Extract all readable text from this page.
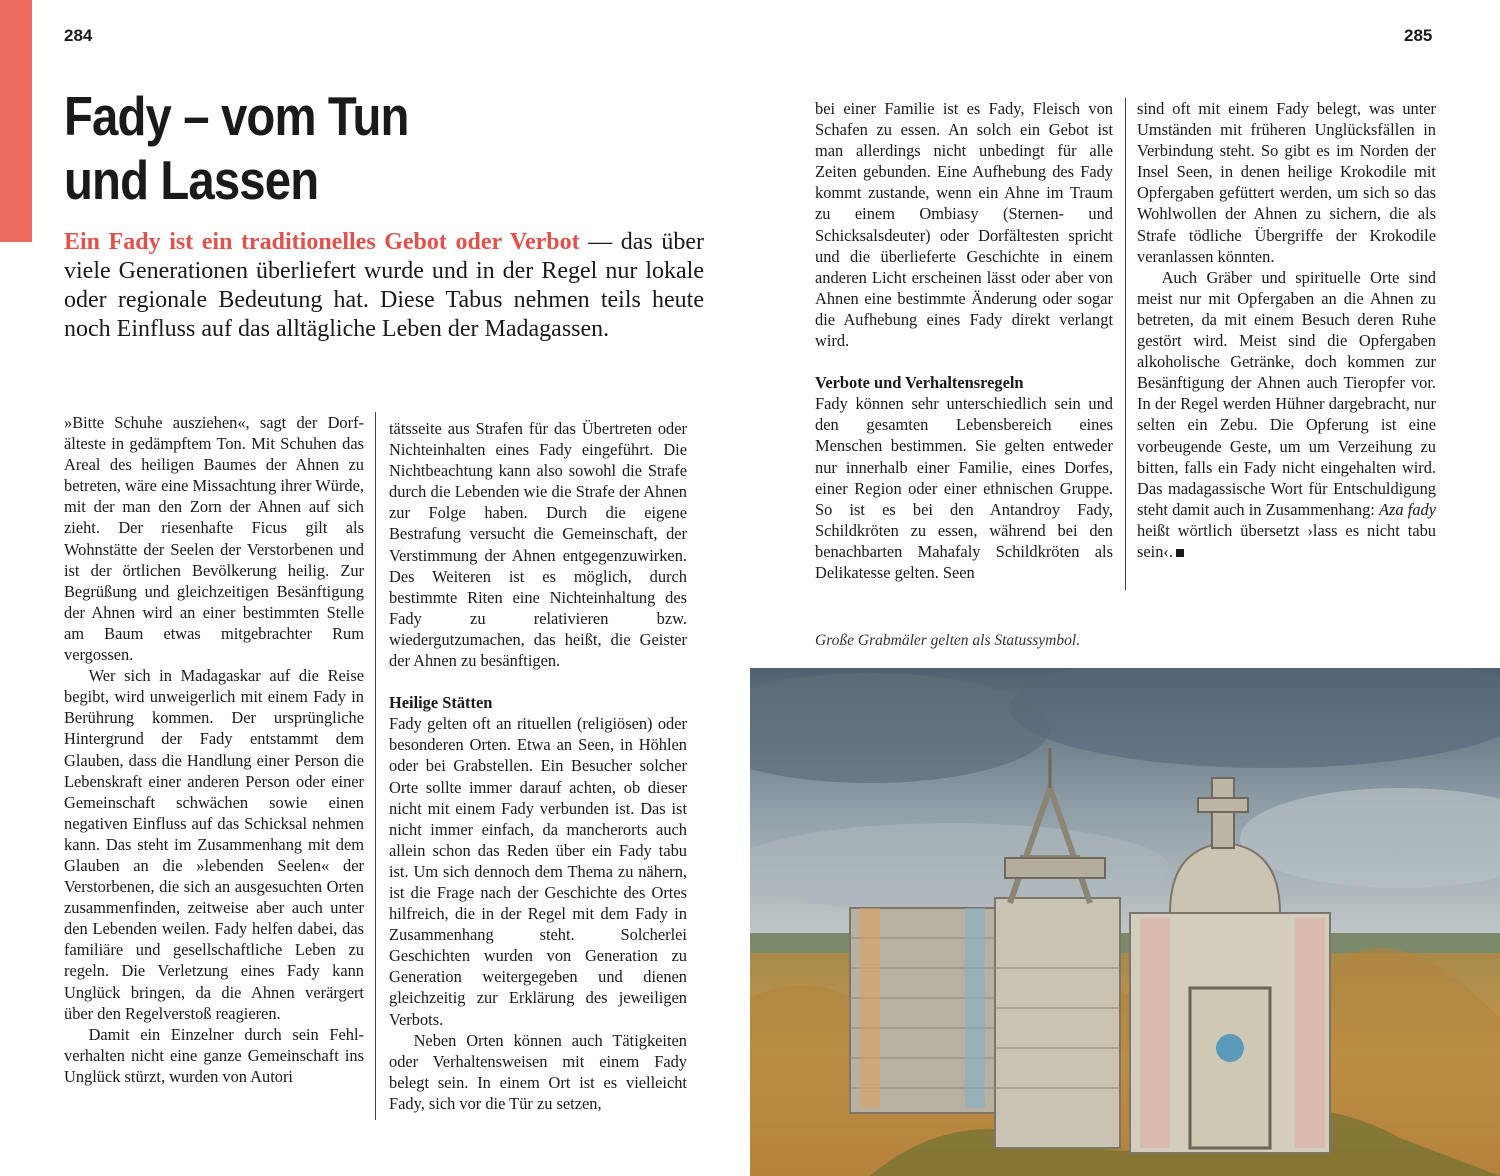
284	285
Fady – vom Tun
und Lassen

Ein Fady ist ein traditionelles Gebot oder Verbot — das über viele Generationen überliefert wurde und in der Regel nur lokale oder regionale Bedeutung hat. Diese Tabus nehmen teils heute noch Einfluss auf das alltägliche Leben der Madagassen.

»Bitte Schuhe ausziehen«, sagt der Dorfälteste in gedämpftem Ton. Mit Schuhen das Areal des heiligen Baumes der Ahnen zu betreten, wäre eine Missachtung ihrer Würde, mit der man den Zorn der Ahnen auf sich zieht. Der riesenhafte Ficus gilt als Wohnstätte der Seelen der Verstorbenen und ist der örtlichen Bevölkerung heilig. Zur Begrüßung und gleichzeitigen Besänftigung der Ahnen wird an einer bestimmten Stelle am Baum etwas mitgebrachter Rum vergossen.

Wer sich in Madagaskar auf die Reise begibt, wird unweigerlich mit einem Fady in Berührung kommen. Der ursprüngliche Hintergrund der Fady entstammt dem Glauben, dass die Handlung einer Person die Lebenskraft einer anderen Person oder einer Gemeinschaft schwächen sowie einen negativen Einfluss auf das Schicksal nehmen kann. Das steht im Zusammenhang mit dem Glauben an die »lebenden Seelen« der Verstorbenen, die sich an ausgesuchten Orten zusammenfinden, zeitweise aber auch unter den Lebenden weilen. Fady helfen dabei, das familiäre und gesellschaftliche Leben zu regeln. Die Verletzung eines Fady kann Unglück bringen, da die Ahnen verärgert über den Regelverstoß reagieren.

Damit ein Einzelner durch sein Fehlverhalten nicht eine ganze Gemeinschaft ins Unglück stürzt, wurden von Autori

tätsseite aus Strafen für das Übertreten oder Nichteinhalten eines Fady eingeführt. Die Nichtbeachtung kann also sowohl die Strafe durch die Lebenden wie die Strafe der Ahnen zur Folge haben. Durch die eigene Bestrafung versucht die Gemeinschaft, der Verstimmung der Ahnen entgegenzuwirken. Des Weiteren ist es möglich, durch bestimmte Riten eine Nichteinhaltung des Fady zu relativieren bzw. wiedergutzumachen, das heißt, die Geister der Ahnen zu besänftigen.

Heilige Stätten

Fady gelten oft an rituellen (religiösen) oder besonderen Orten. Etwa an Seen, in Höhlen oder bei Grabstellen. Ein Besucher solcher Orte sollte immer darauf achten, ob dieser nicht mit einem Fady verbunden ist. Das ist nicht immer einfach, da mancherorts auch allein schon das Reden über ein Fady tabu ist. Um sich dennoch dem Thema zu nähern, ist die Frage nach der Geschichte des Ortes hilfreich, die in der Regel mit dem Fady in Zusammenhang steht. Solcherlei Geschichten wurden von Generation zu Generation weitergegeben und dienen gleichzeitig zur Erklärung des jeweiligen Verbots.

Neben Orten können auch Tätigkeiten oder Verhaltensweisen mit einem Fady belegt sein. In einem Ort ist es vielleicht Fady, sich vor die Tür zu setzen,

bei einer Familie ist es Fady, Fleisch von Schafen zu essen. An solch ein Gebot ist man allerdings nicht unbedingt für alle Zeiten gebunden. Eine Aufhebung des Fady kommt zustande, wenn ein Ahne im Traum zu einem Ombiasy (Sternen- und Schicksalsdeuter) oder Dorfältesten spricht und die überlieferte Geschichte in einem anderen Licht erscheinen lässt oder aber von Ahnen eine bestimmte Änderung oder sogar die Aufhebung eines Fady direkt verlangt wird.

Verbote und Verhaltensregeln

Fady können sehr unterschiedlich sein und den gesamten Lebensbereich eines Menschen bestimmen. Sie gelten entweder nur innerhalb einer Familie, eines Dorfes, einer Region oder einer ethnischen Gruppe. So ist es bei den Antandroy Fady, Schildkröten zu essen, während bei den benachbarten Mahafaly Schildkröten als Delikatesse gelten. Seen

sind oft mit einem Fady belegt, was unter Umständen mit früheren Unglücksfällen in Verbindung steht. So gibt es im Norden der Insel Seen, in denen heilige Krokodile mit Opfergaben gefüttert werden, um sich so das Wohlwollen der Ahnen zu sichern, die als Strafe tödliche Übergriffe der Krokodile veranlassen könnten.

Auch Gräber und spirituelle Orte sind meist nur mit Opfergaben an die Ahnen zu betreten, da mit einem Besuch deren Ruhe gestört wird. Meist sind die Opfergaben alkoholische Getränke, doch kommen zur Besänftigung der Ahnen auch Tieropfer vor. In der Regel werden Hühner dargebracht, nur selten ein Zebu. Die Opferung ist eine vorbeugende Geste, um um Verzeihung zu bitten, falls ein Fady nicht eingehalten wird. Das madagassische Wort für Entschuldigung steht damit auch in Zusammenhang: Aza fady heißt wörtlich übersetzt ›lass es nicht tabu sein‹.

Große Grabmäler gelten als Statussymbol.
